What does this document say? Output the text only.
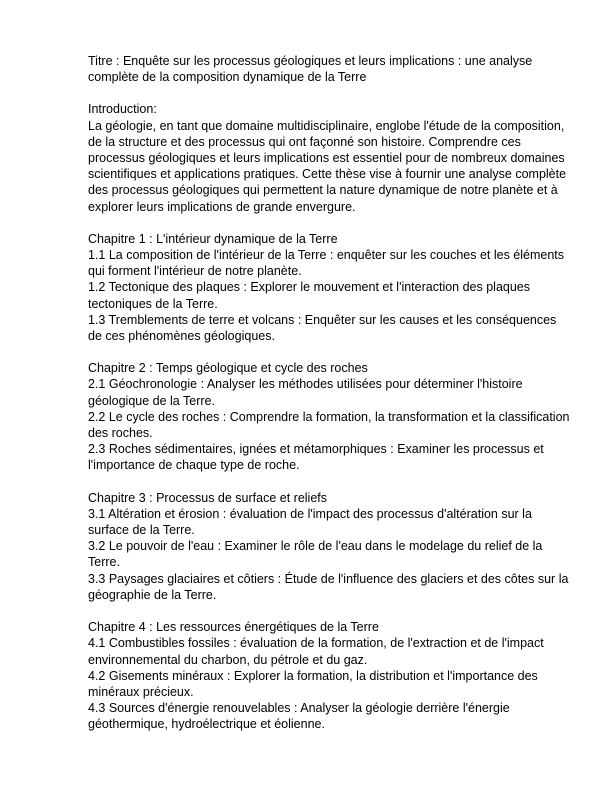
Titre : Enquête sur les processus géologiques et leurs implications : une analyse complète de la composition dynamique de la Terre

Introduction:

La géologie, en tant que domaine multidisciplinaire, englobe l'étude de la composition, de la structure et des processus qui ont façonné son histoire. Comprendre ces processus géologiques et leurs implications est essentiel pour de nombreux domaines scientifiques et applications pratiques. Cette thèse vise à fournir une analyse complète des processus géologiques qui permettent la nature dynamique de notre planète et à explorer leurs implications de grande envergure.

Chapitre 1 : L'intérieur dynamique de la Terre

1.1 La composition de l'intérieur de la Terre : enquêter sur les couches et les éléments qui forment l'intérieur de notre planète.

1.2 Tectonique des plaques : Explorer le mouvement et l'interaction des plaques tectoniques de la Terre.

1.3 Tremblements de terre et volcans : Enquêter sur les causes et les conséquences de ces phénomènes géologiques.

Chapitre 2 : Temps géologique et cycle des roches

2.1 Géochronologie : Analyser les méthodes utilisées pour déterminer l'histoire géologique de la Terre.

2.2 Le cycle des roches : Comprendre la formation, la transformation et la classification des roches.

2.3 Roches sédimentaires, ignées et métamorphiques : Examiner les processus et l'importance de chaque type de roche.

Chapitre 3 : Processus de surface et reliefs

3.1 Altération et érosion : évaluation de l'impact des processus d'altération sur la surface de la Terre.

3.2 Le pouvoir de l'eau : Examiner le rôle de l'eau dans le modelage du relief de la Terre.

3.3 Paysages glaciaires et côtiers : Étude de l'influence des glaciers et des côtes sur la géographie de la Terre.

Chapitre 4 : Les ressources énergétiques de la Terre

4.1 Combustibles fossiles : évaluation de la formation, de l'extraction et de l'impact environnemental du charbon, du pétrole et du gaz.

4.2 Gisements minéraux : Explorer la formation, la distribution et l'importance des minéraux précieux.

4.3 Sources d'énergie renouvelables : Analyser la géologie derrière l'énergie géothermique, hydroélectrique et éolienne.
